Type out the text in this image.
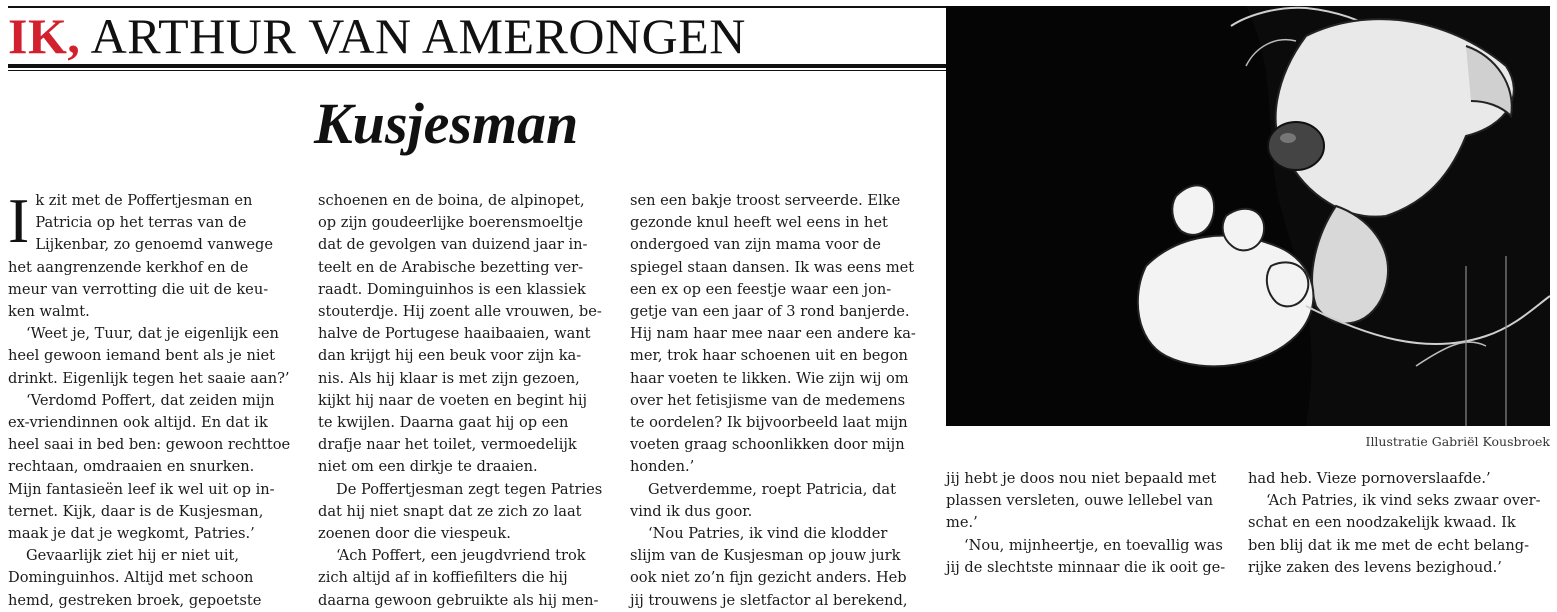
IK, ARTHUR VAN AMERONGEN
Kusjesman
I k zit met de Poffertjesman en
Patricia op het terras van de
Lijkenbar, zo genoemd vanwege
het aangrenzende kerkhof en de
meur van verrotting die uit de keu-
ken walmt.
‘Weet je, Tuur, dat je eigenlijk een
heel gewoon iemand bent als je niet
drinkt. Eigenlijk tegen het saaie aan?’
‘Verdomd Poffert, dat zeiden mijn
ex-vriendinnen ook altijd. En dat ik
heel saai in bed ben: gewoon rechttoe
rechtaan, omdraaien en snurken.
Mijn fantasieën leef ik wel uit op in-
ternet. Kijk, daar is de Kusjesman,
maak je dat je wegkomt, Patries.’
Gevaarlijk ziet hij er niet uit,
Dominguinhos. Altijd met schoon
hemd, gestreken broek, gepoetste
schoenen en de boina, de alpinopet,
op zijn goudeerlijke boerensmoeltje
dat de gevolgen van duizend jaar in-
teelt en de Arabische bezetting ver-
raadt. Dominguinhos is een klassiek
stouterdje. Hij zoent alle vrouwen, be-
halve de Portugese haaibaaien, want
dan krijgt hij een beuk voor zijn ka-
nis. Als hij klaar is met zijn gezoen,
kijkt hij naar de voeten en begint hij
te kwijlen. Daarna gaat hij op een
drafje naar het toilet, vermoedelijk
niet om een dirkje te draaien.
De Poffertjesman zegt tegen Patries
dat hij niet snapt dat ze zich zo laat
zoenen door die viespeuk.
‘Ach Poffert, een jeugdvriend trok
zich altijd af in koffiefilters die hij
daarna gewoon gebruikte als hij men-
sen een bakje troost serveerde. Elke
gezonde knul heeft wel eens in het
ondergoed van zijn mama voor de
spiegel staan dansen. Ik was eens met
een ex op een feestje waar een jon-
getje van een jaar of 3 rond banjerde.
Hij nam haar mee naar een andere ka-
mer, trok haar schoenen uit en begon
haar voeten te likken. Wie zijn wij om
over het fetisjisme van de medemens
te oordelen? Ik bijvoorbeeld laat mijn
voeten graag schoonlikken door mijn
honden.’
Getverdemme, roept Patricia, dat
vind ik dus goor.
‘Nou Patries, ik vind die klodder
slijm van de Kusjesman op jouw jurk
ook niet zo’n fijn gezicht anders. Heb
jij trouwens je sletfactor al berekend,
Illustratie Gabriël Kousbroek
jij hebt je doos nou niet bepaald met
plassen versleten, ouwe lellebel van
me.’
‘Nou, mijnheertje, en toevallig was
jij de slechtste minnaar die ik ooit ge-
had heb. Vieze pornoverslaafde.’
‘Ach Patries, ik vind seks zwaar over-
schat en een noodzakelijk kwaad. Ik
ben blij dat ik me met de echt belang-
rijke zaken des levens bezighoud.’
